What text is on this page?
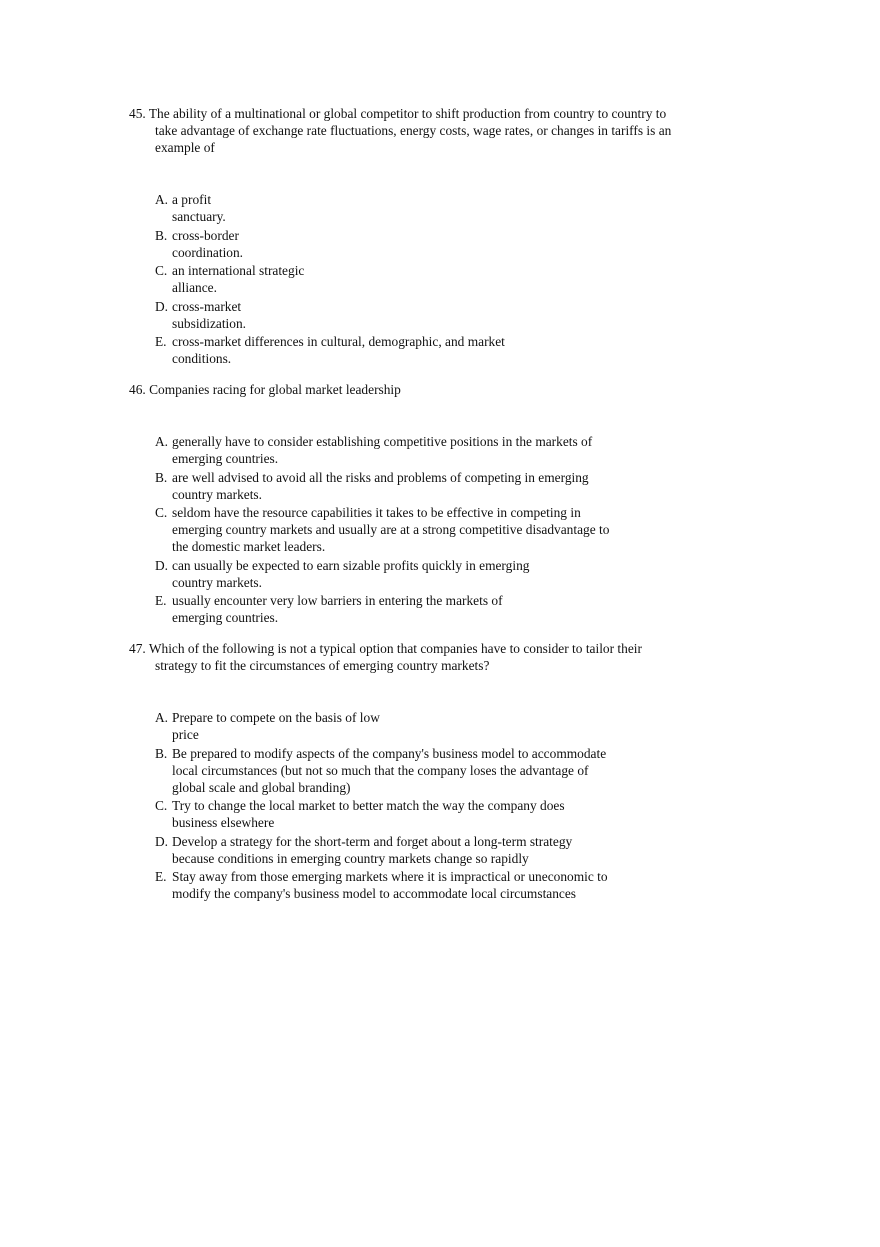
45. The ability of a multinational or global competitor to shift production from country to country to take advantage of exchange rate fluctuations, energy costs, wage rates, or changes in tariffs is an example of

A. a profit
sanctuary.
B. cross-border
coordination.
C. an international strategic
alliance.
D. cross-market
subsidization.
E. cross-market differences in cultural, demographic, and market
conditions.

46. Companies racing for global market leadership

A. generally have to consider establishing competitive positions in the markets of
emerging countries.
B. are well advised to avoid all the risks and problems of competing in emerging
country markets.
C. seldom have the resource capabilities it takes to be effective in competing in
emerging country markets and usually are at a strong competitive disadvantage to
the domestic market leaders.
D. can usually be expected to earn sizable profits quickly in emerging
country markets.
E. usually encounter very low barriers in entering the markets of
emerging countries.

47. Which of the following is not a typical option that companies have to consider to tailor their strategy to fit the circumstances of emerging country markets?

A. Prepare to compete on the basis of low
price
B. Be prepared to modify aspects of the company's business model to accommodate
local circumstances (but not so much that the company loses the advantage of
global scale and global branding)
C. Try to change the local market to better match the way the company does
business elsewhere
D. Develop a strategy for the short-term and forget about a long-term strategy
because conditions in emerging country markets change so rapidly
E. Stay away from those emerging markets where it is impractical or uneconomic to
modify the company's business model to accommodate local circumstances
